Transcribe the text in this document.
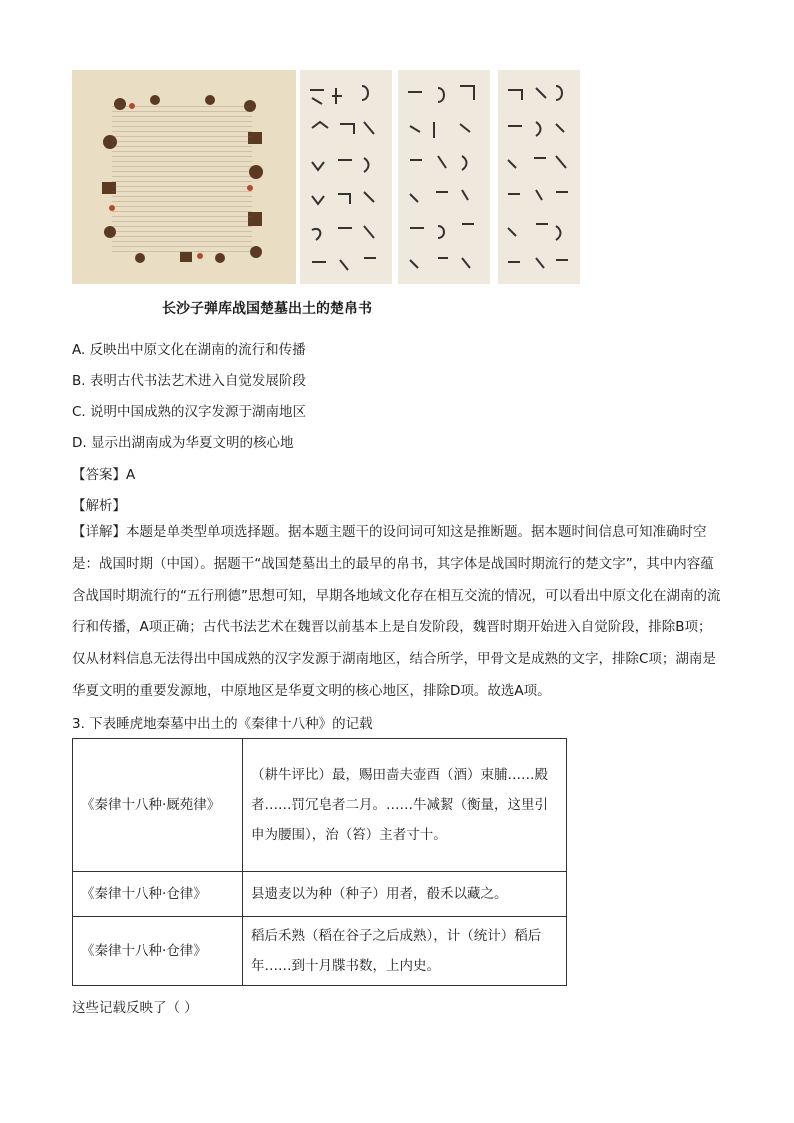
长沙子弹库战国楚墓出土的楚帛书
A. 反映出中原文化在湖南的流行和传播
B. 表明古代书法艺术进入自觉发展阶段
C. 说明中国成熟的汉字发源于湖南地区
D. 显示出湖南成为华夏文明的核心地
【答案】A
【解析】
【详解】本题是单类型单项选择题。据本题主题干的设问词可知这是推断题。据本题时间信息可知准确时空是：战国时期（中国）。据题干“战国楚墓出土的最早的帛书，其字体是战国时期流行的楚文字”，其中内容蕴含战国时期流行的“五行刑德”思想可知，早期各地域文化存在相互交流的情况，可以看出中原文化在湖南的流行和传播，A项正确；古代书法艺术在魏晋以前基本上是自发阶段，魏晋时期开始进入自觉阶段，排除B项；仅从材料信息无法得出中国成熟的汉字发源于湖南地区，结合所学，甲骨文是成熟的文字，排除C项；湖南是华夏文明的重要发源地，中原地区是华夏文明的核心地区，排除D项。故选A项。
3. 下表睡虎地秦墓中出土的《秦律十八种》的记载
《秦律十八种·厩苑律》	（耕牛评比）最，赐田啬夫壶酉（酒）束脯……殿者……罚冗皂者二月。……牛减絜（衡量，这里引申为腰围），治（笞）主者寸十。
《秦律十八种·仓律》	县遗麦以为种（种子）用者，殽禾以藏之。
《秦律十八种·仓律》	稻后禾熟（稻在谷子之后成熟），计（统计）稻后年……到十月牒书数，上内史。
这些记载反映了（ ）
